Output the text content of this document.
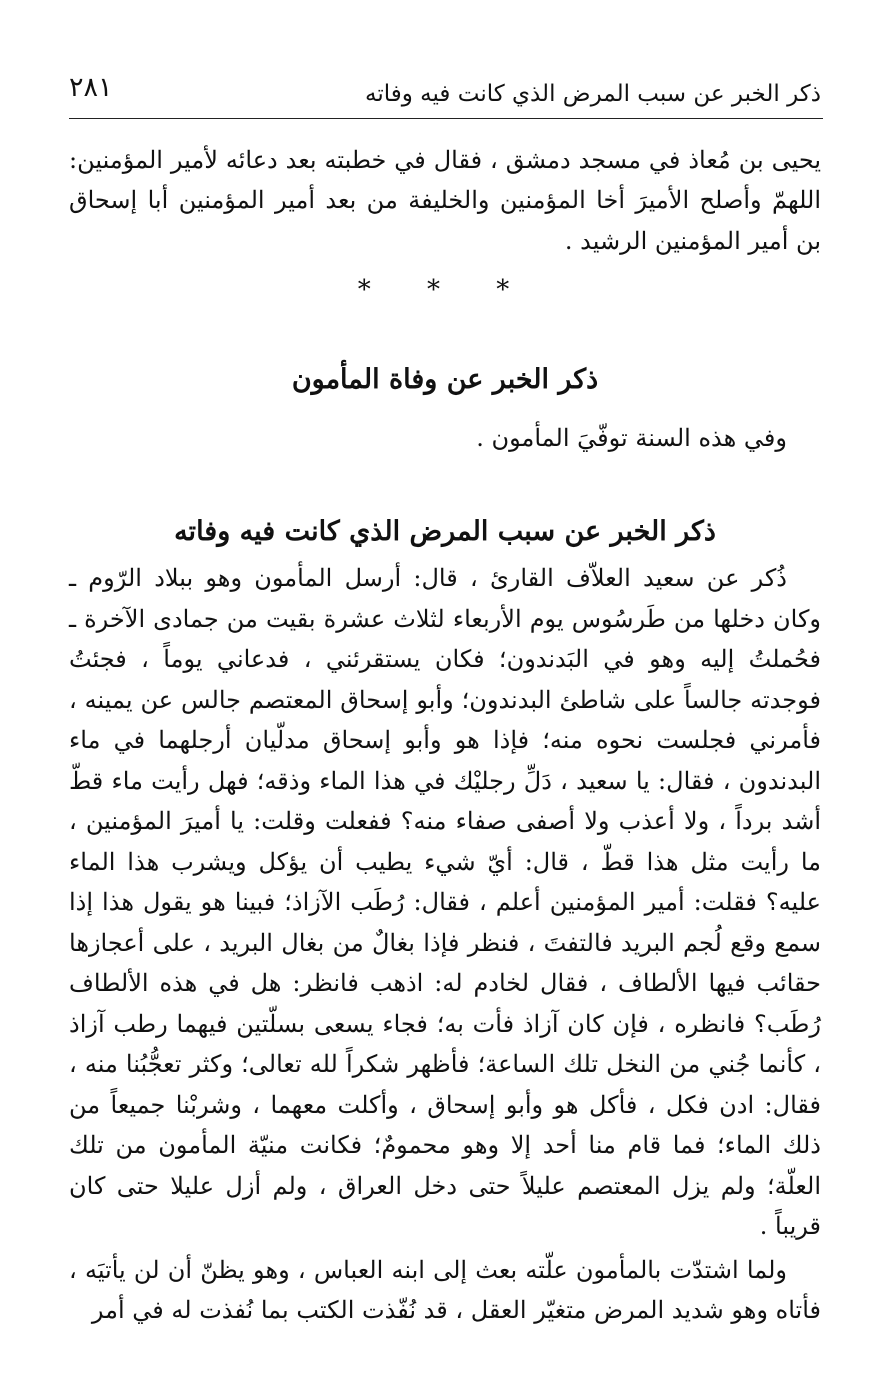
ذكر الخبر عن سبب المرض الذي كانت فيه وفاته
٢٨١
يحيى بن مُعاذ في مسجد دمشق ، فقال في خطبته بعد دعائه لأمير المؤمنين: اللهمّ وأصلح الأميرَ أخا المؤمنين والخليفة من بعد أمير المؤمنين أبا إسحاق بن أمير المؤمنين الرشيد .
* * *
ذكر الخبر عن وفاة المأمون
وفي هذه السنة توفّيَ المأمون .
ذكر الخبر عن سبب المرض الذي كانت فيه وفاته

ذُكر عن سعيد العلاّف القارئ ، قال: أرسل المأمون وهو ببلاد الرّوم ـ وكان دخلها من طَرسُوس يوم الأربعاء لثلاث عشرة بقيت من جمادى الآخرة ـ فحُملتُ إليه وهو في البَدندون؛ فكان يستقرئني ، فدعاني يوماً ، فجئتُ فوجدته جالساً على شاطئ البدندون؛ وأبو إسحاق المعتصم جالس عن يمينه ، فأمرني فجلست نحوه منه؛ فإذا هو وأبو إسحاق مدلّيان أرجلهما في ماء البدندون ، فقال: يا سعيد ، دَلِّ رجليْك في هذا الماء وذقه؛ فهل رأيت ماء قطّ أشد برداً ، ولا أعذب ولا أصفى صفاء منه؟ ففعلت وقلت: يا أميرَ المؤمنين ، ما رأيت مثل هذا قطّ ، قال: أيّ شيء يطيب أن يؤكل ويشرب هذا الماء عليه؟ فقلت: أمير المؤمنين أعلم ، فقال: رُطَب الآزاذ؛ فبينا هو يقول هذا إذا سمع وقع لُجم البريد فالتفتَ ، فنظر فإذا بغالٌ من بغال البريد ، على أعجازها حقائب فيها الألطاف ، فقال لخادم له: اذهب فانظر: هل في هذه الألطاف رُطَب؟ فانظره ، فإن كان آزاذ فأت به؛ فجاء يسعى بسلّتين فيهما رطب آزاذ ، كأنما جُني من النخل تلك الساعة؛ فأظهر شكراً لله تعالى؛ وكثر تعجُّبُنا منه ، فقال: ادن فكل ، فأكل هو وأبو إسحاق ، وأكلت معهما ، وشربْنا جميعاً من ذلك الماء؛ فما قام منا أحد إلا وهو محمومٌ؛ فكانت منيّة المأمون من تلك العلّة؛ ولم يزل المعتصم عليلاً حتى دخل العراق ، ولم أزل عليلا حتى كان قريباً .

ولما اشتدّت بالمأمون علّته بعث إلى ابنه العباس ، وهو يظنّ أن لن يأتيَه ، فأتاه وهو شديد المرض متغيّر العقل ، قد نُفّذت الكتب بما نُفذت له في أمر
